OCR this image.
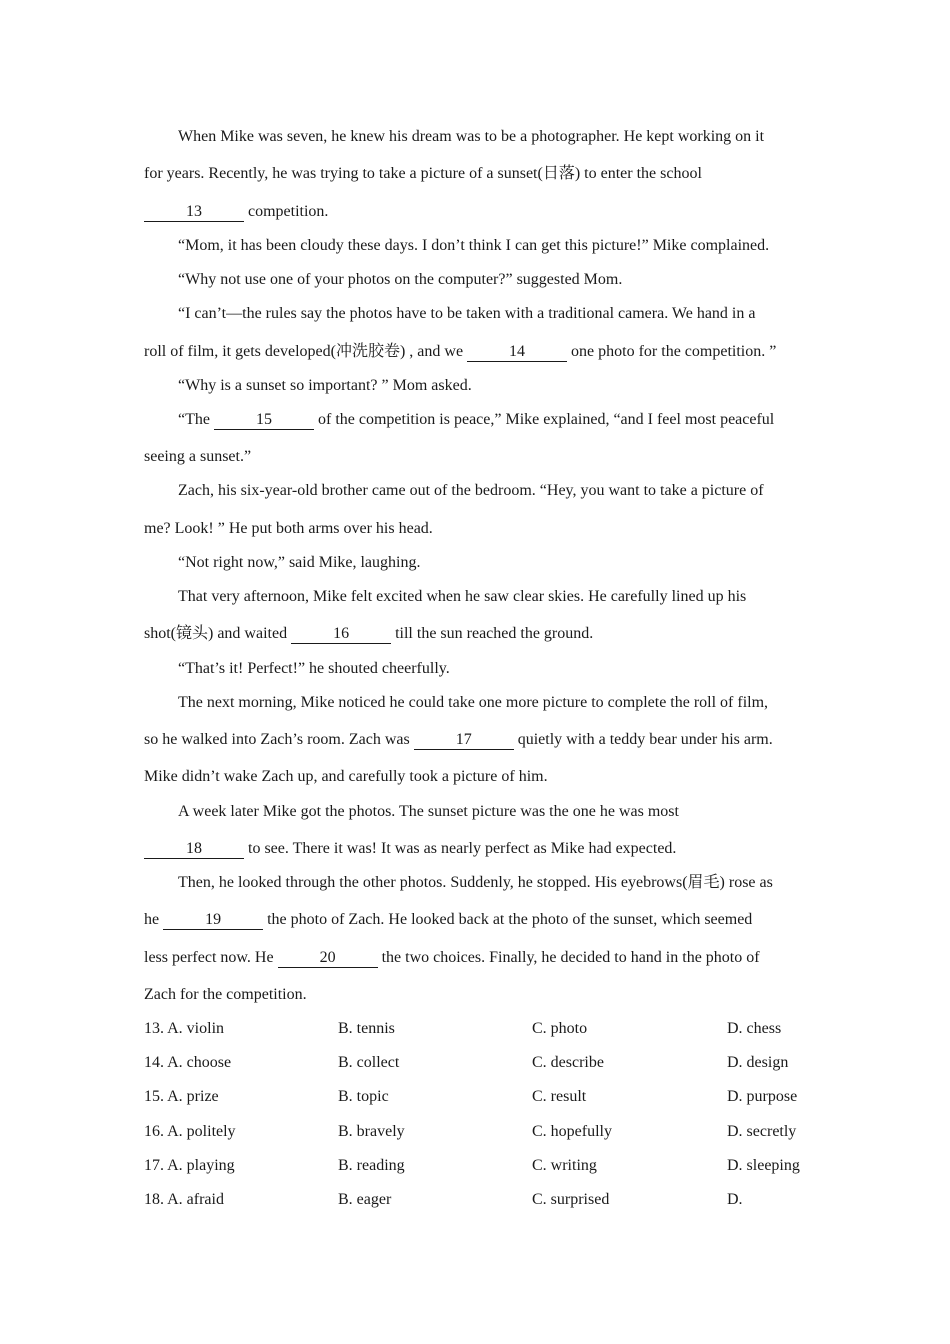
When Mike was seven, he knew his dream was to be a photographer. He kept working on it
for years. Recently, he was trying to take a picture of a sunset(日落) to enter the school
13	competition.
“Mom, it has been cloudy these days. I don’t think I can get this picture!” Mike complained.
“Why not use one of your photos on the computer?” suggested Mom.
“I can’t—the rules say the photos have to be taken with a traditional camera. We hand in a
roll of film, it gets developed(冲洗胶卷) , and we	14	one photo for the competition. ”
“Why is a sunset so important? ” Mom asked.
“The	15	of the competition is peace,” Mike explained, “and I feel most peaceful
seeing a sunset.”
Zach, his six-year-old brother came out of the bedroom. “Hey, you want to take a picture of
me? Look! ” He put both arms over his head.
“Not right now,” said Mike, laughing.
That very afternoon, Mike felt excited when he saw clear skies. He carefully lined up his
shot(镜头) and waited	16	till the sun reached the ground.
“That’s it! Perfect!” he shouted cheerfully.
The next morning, Mike noticed he could take one more picture to complete the roll of film,
so he walked into Zach’s room. Zach was	17	quietly with a teddy bear under his arm.
Mike didn’t wake Zach up, and carefully took a picture of him.
A week later Mike got the photos. The sunset picture was the one he was most
18	to see. There it was! It was as nearly perfect as Mike had expected.
Then, he looked through the other photos. Suddenly, he stopped. His eyebrows(眉毛) rose as
he	19	the photo of Zach. He looked back at the photo of the sunset, which seemed
less perfect now. He	20	the two choices. Finally, he decided to hand in the photo of
Zach for the competition.
13. A. violin	B. tennis	C. photo	D. chess
14. A. choose	B. collect	C. describe	D. design
15. A. prize	B. topic	C. result	D. purpose
16. A. politely	B. bravely	C. hopefully	D. secretly
17. A. playing	B. reading	C. writing	D. sleeping
18. A. afraid	B. eager	C. surprised	D.
